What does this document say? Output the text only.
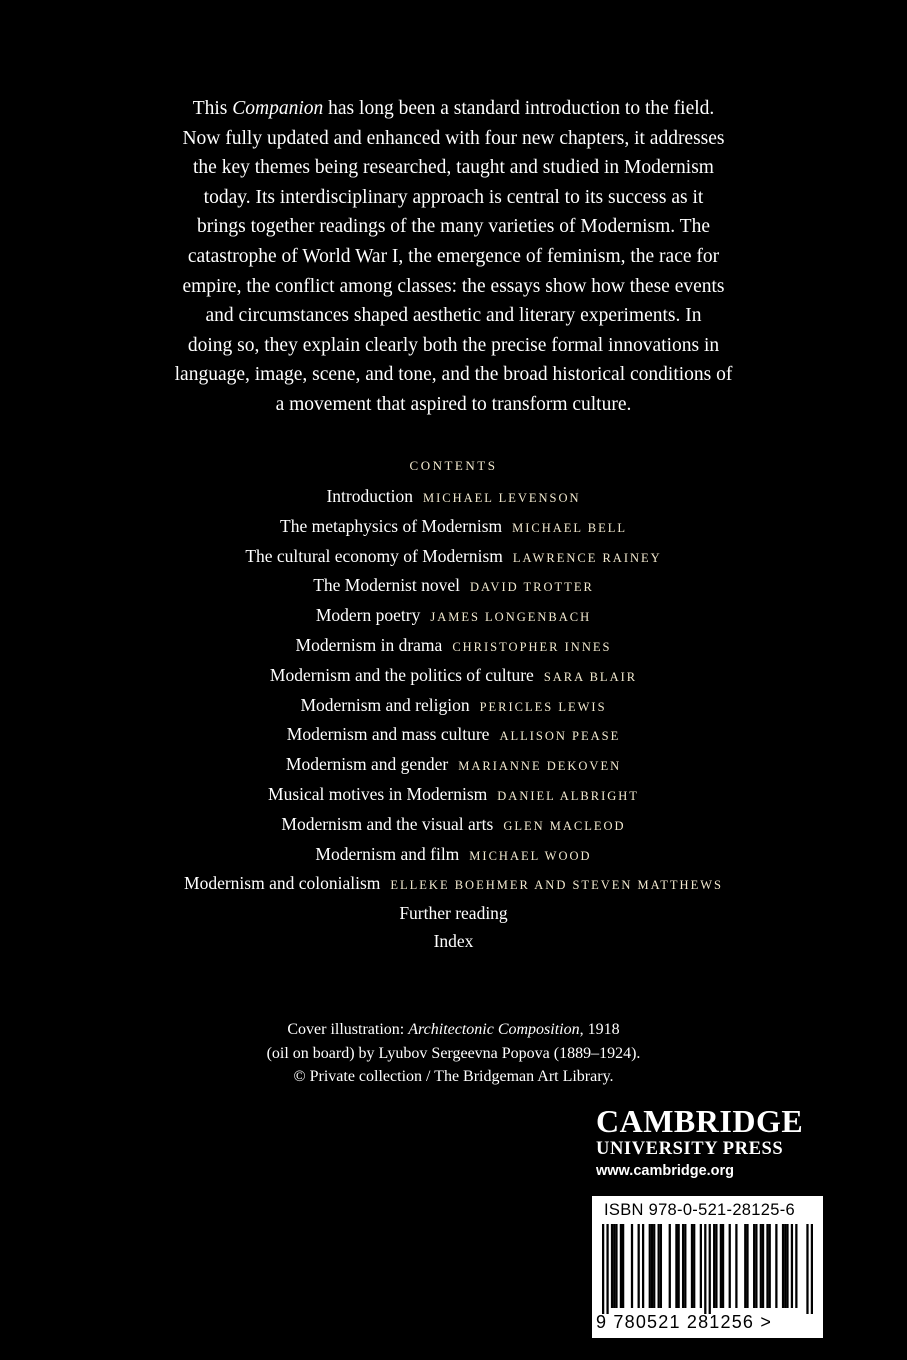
This Companion has long been a standard introduction to the field.
Now fully updated and enhanced with four new chapters, it addresses
the key themes being researched, taught and studied in Modernism
today. Its interdisciplinary approach is central to its success as it
brings together readings of the many varieties of Modernism. The
catastrophe of World War I, the emergence of feminism, the race for
empire, the conflict among classes: the essays show how these events
and circumstances shaped aesthetic and literary experiments. In
doing so, they explain clearly both the precise formal innovations in
language, image, scene, and tone, and the broad historical conditions of
a movement that aspired to transform culture.
CONTENTS
Introduction MICHAEL LEVENSON
The metaphysics of Modernism MICHAEL BELL
The cultural economy of Modernism LAWRENCE RAINEY
The Modernist novel DAVID TROTTER
Modern poetry JAMES LONGENBACH
Modernism in drama CHRISTOPHER INNES
Modernism and the politics of culture SARA BLAIR
Modernism and religion PERICLES LEWIS
Modernism and mass culture ALLISON PEASE
Modernism and gender MARIANNE DEKOVEN
Musical motives in Modernism DANIEL ALBRIGHT
Modernism and the visual arts GLEN MACLEOD
Modernism and film MICHAEL WOOD
Modernism and colonialism ELLEKE BOEHMER AND STEVEN MATTHEWS
Further reading
Index
Cover illustration: Architectonic Composition, 1918
(oil on board) by Lyubov Sergeevna Popova (1889–1924).
© Private collection / The Bridgeman Art Library.
CAMBRIDGE
UNIVERSITY PRESS
www.cambridge.org
ISBN 978-0-521-28125-6
9 780521 281256 >
